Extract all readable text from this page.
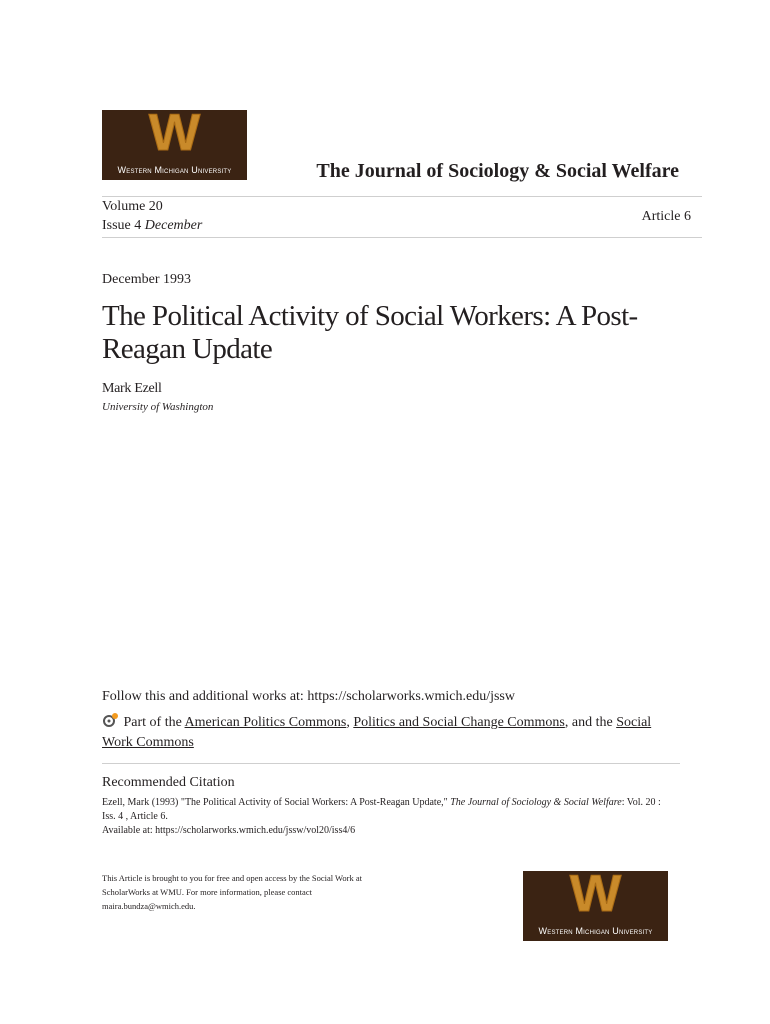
W
Western Michigan University	The Journal of Sociology & Social Welfare
Volume 20
Issue 4 December
Article 6
December 1993
The Political Activity of Social Workers: A Post-
Reagan Update
Mark Ezell
University of Washington
Follow this and additional works at: https://scholarworks.wmich.edu/jssw
Part of the American Politics Commons, Politics and Social Change Commons, and the Social
Work Commons
Recommended Citation
Ezell, Mark (1993) "The Political Activity of Social Workers: A Post-Reagan Update," The Journal of Sociology & Social Welfare: Vol. 20 :
Iss. 4 , Article 6.
Available at: https://scholarworks.wmich.edu/jssw/vol20/iss4/6
This Article is brought to you for free and open access by the Social Work at
ScholarWorks at WMU. For more information, please contact
maira.bundza@wmich.edu.	W
Western Michigan University
